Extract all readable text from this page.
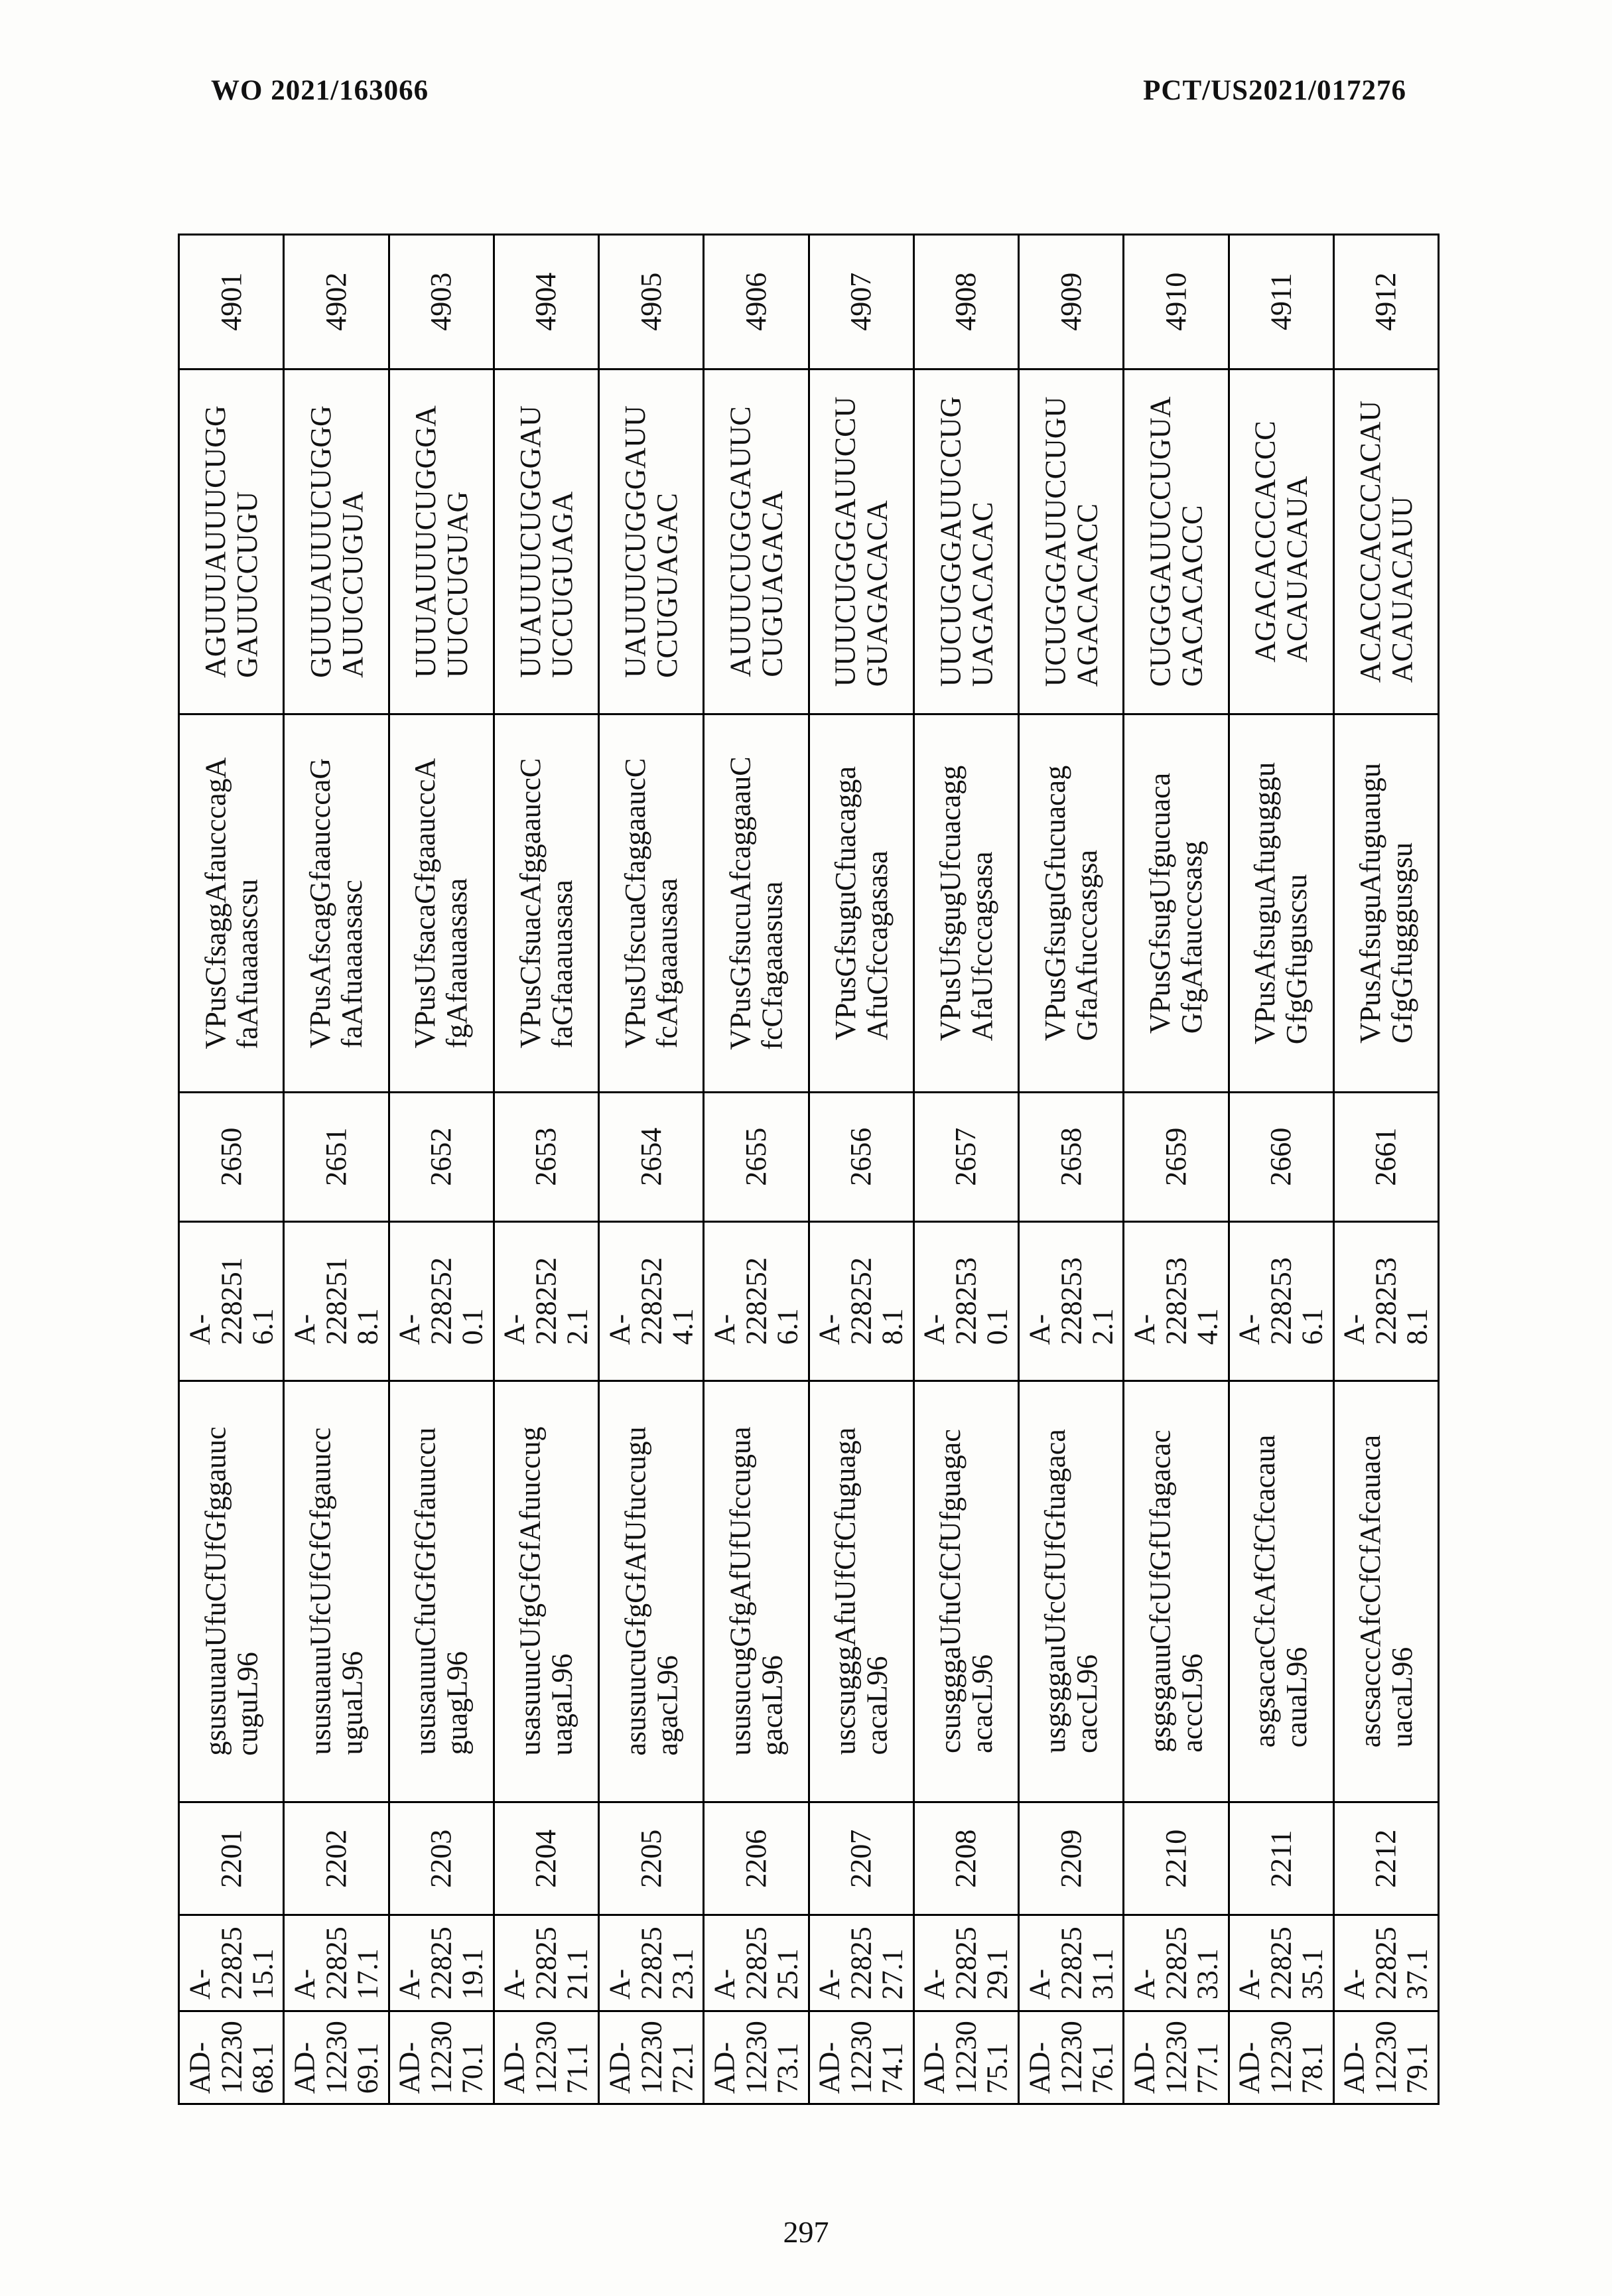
WO 2021/163066	PCT/US2021/017276
4901
AGUUUAUUUCUGG
GAUUCCUGU
VPusCfsaggAfaucccagA
faAfuaaaascsu
2650
A-
228251
6.1
gsusuuauUfuCfUfGfggauuc
cuguL96
2201
A-
22825
15.1
AD-
12230
68.1
4902
GUUUAUUUCUGGG
AUUCCUGUA
VPusAfscagGfaaucccaG
faAfuaaaasasc
2651
A-
228251
8.1
ususuauuUfcUfGfGfgauucc
uguaL96
2202
A-
22825
17.1
AD-
12230
69.1
4903
UUUAUUUCUGGGA
UUCCUGUAG
VPusUfsacaGfgaaucccA
fgAfaauaasasa
2652
A-
228252
0.1
ususauuuCfuGfGfGfauuccu
guagL96
2203
A-
22825
19.1
AD-
12230
70.1
4904
UUAUUUCUGGGAU
UCCUGUAGA
VPusCfsuacAfggaauccC
faGfaaauasasa
2653
A-
228252
2.1
usasuuucUfgGfGfAfuuccug
uagaL96
2204
A-
22825
21.1
AD-
12230
71.1
4905
UAUUUCUGGGAUU
CCUGUAGAC
VPusUfscuaCfaggaaucC
fcAfgaaausasa
2654
A-
228252
4.1
asusuucuGfgGfAfUfuccugu
agacL96
2205
A-
22825
23.1
AD-
12230
72.1
4906
AUUUCUGGGAUUC
CUGUAGACA
VPusGfsucuAfcaggaauC
fcCfagaaasusa
2655
A-
228252
6.1
ususucugGfgAfUfUfccugua
gacaL96
2206
A-
22825
25.1
AD-
12230
73.1
4907
UUUCUGGGAUUCCU
GUAGACACA
VPusGfsuguCfuacagga
AfuCfccagasasa
2656
A-
228252
8.1
uscsugggAfuUfCfCfuguaga
cacaL96
2207
A-
22825
27.1
AD-
12230
74.1
4908
UUCUGGGAUUCCUG
UAGACACAC
VPusUfsgugUfcuacagg
AfaUfcccagsasa
2657
A-
228253
0.1
csusgggaUfuCfCfUfguagac
acacL96
2208
A-
22825
29.1
AD-
12230
75.1
4909
UCUGGGAUUCCUGU
AGACACACC
VPusGfsuguGfucuacag
GfaAfucccasgsa
2658
A-
228253
2.1
usgsggauUfcCfUfGfuagaca
caccL96
2209
A-
22825
31.1
AD-
12230
76.1
4910
CUGGGAUUCCUGUA
GACACACCC
VPusGfsugUfgucuaca
GfgAfaucccsasg
2659
A-
228253
4.1
gsgsgauuCfcUfGfUfagacac
acccL96
2210
A-
22825
33.1
AD-
12230
77.1
4911
AGACACCCACCC
ACAUACAUA
VPusAfsuguAfugugggu
GfgGfuguscsu
2660
A-
228253
6.1
asgsacacCfcAfCfCfcacaua
cauaL96
2211
A-
22825
35.1
AD-
12230
78.1
4912
ACACCCACCCACAU
ACAUACAUU
VPusAfsuguAfuguaugu
GfgGfugggusgsu
2661
A-
228253
8.1
ascsacccAfcCfCfAfcauaca
uacaL96
2212
A-
22825
37.1
AD-
12230
79.1
297
